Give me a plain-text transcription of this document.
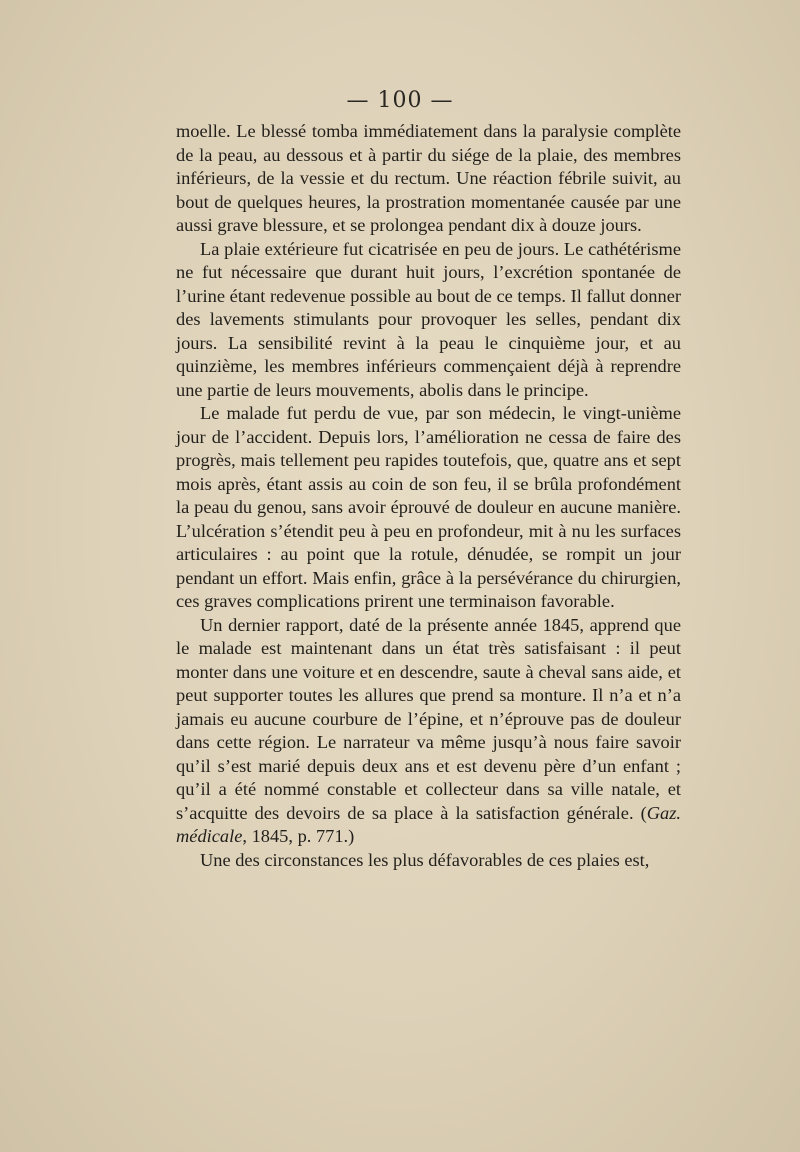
— 100 —

moelle. Le blessé tomba immédiatement dans la paralysie complète de la peau, au dessous et à partir du siége de la plaie, des membres inférieurs, de la vessie et du rectum. Une réaction fébrile suivit, au bout de quelques heures, la prostration momentanée causée par une aussi grave blessure, et se prolongea pendant dix à douze jours.

La plaie extérieure fut cicatrisée en peu de jours. Le cathétérisme ne fut nécessaire que durant huit jours, l’excrétion spontanée de l’urine étant redevenue possible au bout de ce temps. Il fallut donner des lavements stimulants pour provoquer les selles, pendant dix jours. La sensibilité revint à la peau le cinquième jour, et au quinzième, les membres inférieurs commençaient déjà à reprendre une partie de leurs mouvements, abolis dans le principe.

Le malade fut perdu de vue, par son médecin, le vingt-unième jour de l’accident. Depuis lors, l’amélioration ne cessa de faire des progrès, mais tellement peu rapides toutefois, que, quatre ans et sept mois après, étant assis au coin de son feu, il se brûla profondément la peau du genou, sans avoir éprouvé de douleur en aucune manière. L’ulcération s’étendit peu à peu en profondeur, mit à nu les surfaces articulaires : au point que la rotule, dénudée, se rompit un jour pendant un effort. Mais enfin, grâce à la persévérance du chirurgien, ces graves complications prirent une terminaison favorable.

Un dernier rapport, daté de la présente année 1845, apprend que le malade est maintenant dans un état très satisfaisant : il peut monter dans une voiture et en descendre, saute à cheval sans aide, et peut supporter toutes les allures que prend sa monture. Il n’a et n’a jamais eu aucune courbure de l’épine, et n’éprouve pas de douleur dans cette région. Le narrateur va même jusqu’à nous faire savoir qu’il s’est marié depuis deux ans et est devenu père d’un enfant ; qu’il a été nommé constable et collecteur dans sa ville natale, et s’acquitte des devoirs de sa place à la satisfaction générale. (Gaz. médicale, 1845, p. 771.)

Une des circonstances les plus défavorables de ces plaies est,
